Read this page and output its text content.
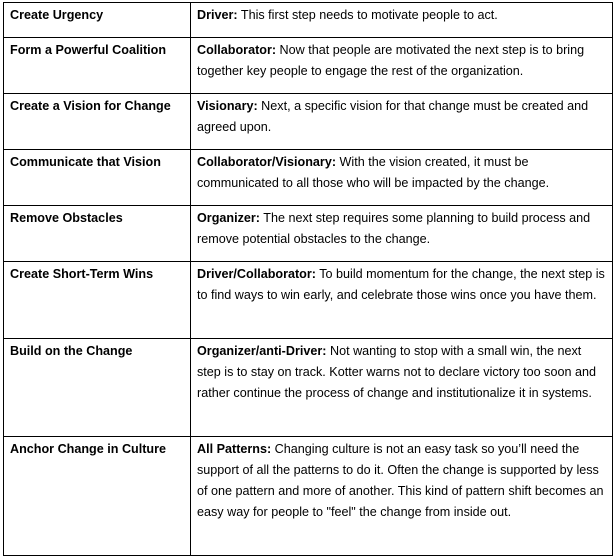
Create Urgency	Driver: This first step needs to motivate people to act.
Form a Powerful Coalition	Collaborator: Now that people are motivated the next step is to bring together key people to engage the rest of the organization.
Create a Vision for Change	Visionary: Next, a specific vision for that change must be created and agreed upon.
Communicate that Vision	Collaborator/Visionary: With the vision created, it must be communicated to all those who will be impacted by the change.
Remove Obstacles	Organizer: The next step requires some planning to build process and remove potential obstacles to the change.
Create Short-Term Wins	Driver/Collaborator: To build momentum for the change, the next step is to find ways to win early, and celebrate those wins once you have them.
Build on the Change	Organizer/anti-Driver: Not wanting to stop with a small win, the next step is to stay on track. Kotter warns not to declare victory too soon and rather continue the process of change and institutionalize it in systems.
Anchor Change in Culture	All Patterns: Changing culture is not an easy task so you’ll need the support of all the patterns to do it. Often the change is supported by less of one pattern and more of another. This kind of pattern shift becomes an easy way for people to "feel" the change from inside out.
